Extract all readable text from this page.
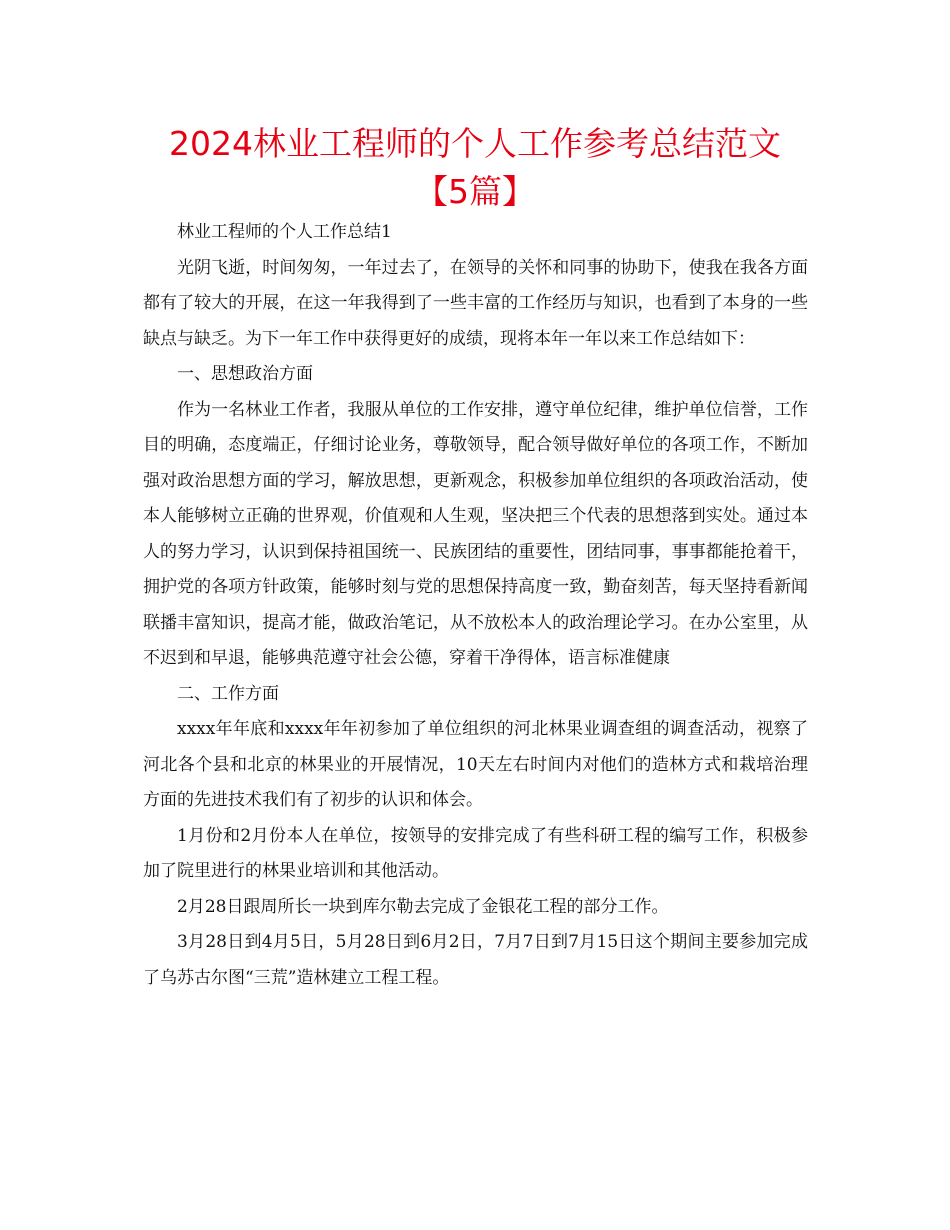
2024林业工程师的个人工作参考总结范文【5篇】

林业工程师的个人工作总结1

光阴飞逝，时间匆匆，一年过去了，在领导的关怀和同事的协助下，使我在我各方面都有了较大的开展，在这一年我得到了一些丰富的工作经历与知识，也看到了本身的一些缺点与缺乏。为下一年工作中获得更好的成绩，现将本年一年以来工作总结如下：

一、思想政治方面

作为一名林业工作者，我服从单位的工作安排，遵守单位纪律，维护单位信誉，工作目的明确，态度端正，仔细讨论业务，尊敬领导，配合领导做好单位的各项工作，不断加强对政治思想方面的学习，解放思想，更新观念，积极参加单位组织的各项政治活动，使本人能够树立正确的世界观，价值观和人生观，坚决把三个代表的思想落到实处。通过本人的努力学习，认识到保持祖国统一、民族团结的重要性，团结同事，事事都能抢着干，拥护党的各项方针政策，能够时刻与党的思想保持高度一致，勤奋刻苦，每天坚持看新闻联播丰富知识，提高才能，做政治笔记，从不放松本人的政治理论学习。在办公室里，从不迟到和早退，能够典范遵守社会公德，穿着干净得体，语言标准健康

二、工作方面

xxxx年年底和xxxx年年初参加了单位组织的河北林果业调查组的调查活动，视察了河北各个县和北京的林果业的开展情况，10天左右时间内对他们的造林方式和栽培治理方面的先进技术我们有了初步的认识和体会。

1月份和2月份本人在单位，按领导的安排完成了有些科研工程的编写工作，积极参加了院里进行的林果业培训和其他活动。

2月28日跟周所长一块到库尔勒去完成了金银花工程的部分工作。

3月28日到4月5日，5月28日到6月2日，7月7日到7月15日这个期间主要参加完成了乌苏古尔图“三荒”造林建立工程工程。
